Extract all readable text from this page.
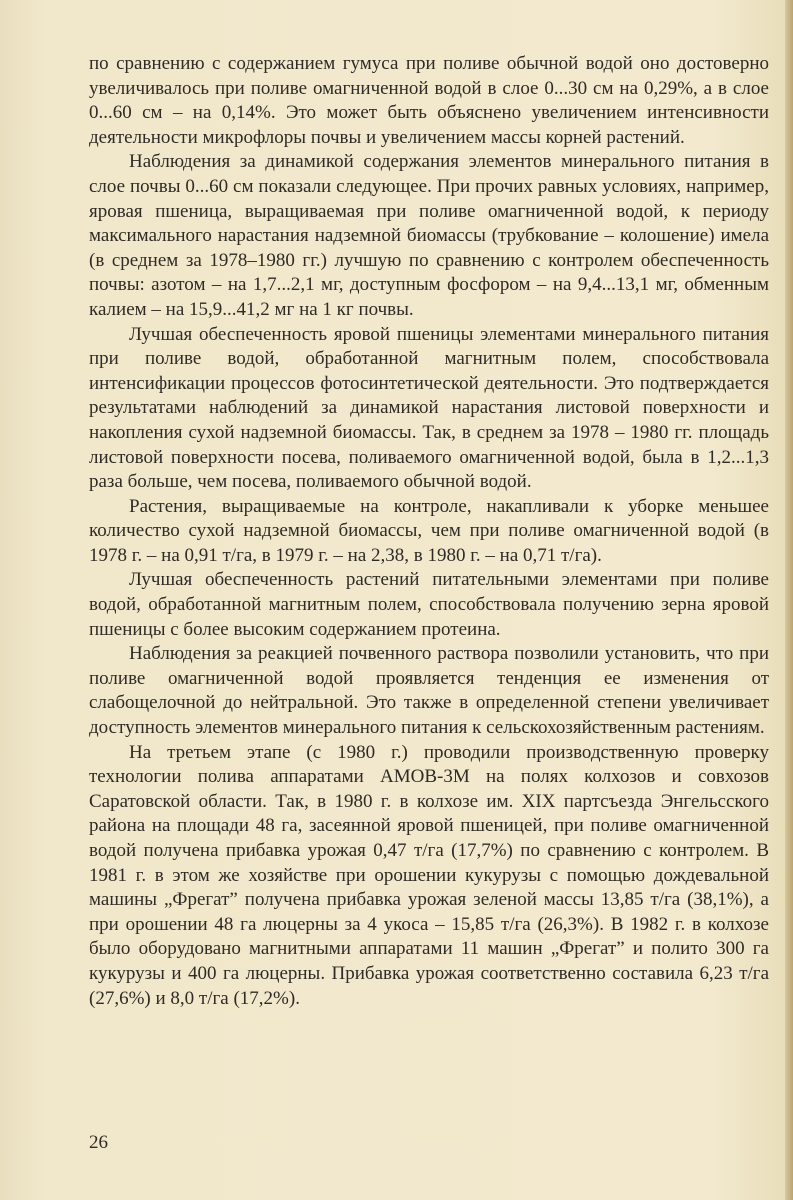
по сравнению с содержанием гумуса при поливе обычной водой оно достоверно увеличивалось при поливе омагниченной водой в слое 0...30 см на 0,29%, а в слое 0...60 см – на 0,14%. Это может быть объяснено увеличением интенсивности деятельности микрофлоры почвы и увеличением массы корней растений.

Наблюдения за динамикой содержания элементов минерального питания в слое почвы 0...60 см показали следующее. При прочих равных условиях, например, яровая пшеница, выращиваемая при поливе омагниченной водой, к периоду максимального нарастания надземной биомассы (трубкование – колошение) имела (в среднем за 1978–1980 гг.) лучшую по сравнению с контролем обеспеченность почвы: азотом – на 1,7...2,1 мг, доступным фосфором – на 9,4...13,1 мг, обменным калием – на 15,9...41,2 мг на 1 кг почвы.

Лучшая обеспеченность яровой пшеницы элементами минерального питания при поливе водой, обработанной магнитным полем, способствовала интенсификации процессов фотосинтетической деятельности. Это подтверждается результатами наблюдений за динамикой нарастания листовой поверхности и накопления сухой надземной биомассы. Так, в среднем за 1978 – 1980 гг. площадь листовой поверхности посева, поливаемого омагниченной водой, была в 1,2...1,3 раза больше, чем посева, поливаемого обычной водой.

Растения, выращиваемые на контроле, накапливали к уборке меньшее количество сухой надземной биомассы, чем при поливе омагниченной водой (в 1978 г. – на 0,91 т/га, в 1979 г. – на 2,38, в 1980 г. – на 0,71 т/га).

Лучшая обеспеченность растений питательными элементами при поливе водой, обработанной магнитным полем, способствовала получению зерна яровой пшеницы с более высоким содержанием протеина.

Наблюдения за реакцией почвенного раствора позволили установить, что при поливе омагниченной водой проявляется тенденция ее изменения от слабощелочной до нейтральной. Это также в определенной степени увеличивает доступность элементов минерального питания к сельскохозяйственным растениям.

На третьем этапе (с 1980 г.) проводили производственную проверку технологии полива аппаратами АМОВ-3М на полях колхозов и совхозов Саратовской области. Так, в 1980 г. в колхозе им. XIX партсъезда Энгельсского района на площади 48 га, засеянной яровой пшеницей, при поливе омагниченной водой получена прибавка урожая 0,47 т/га (17,7%) по сравнению с контролем. В 1981 г. в этом же хозяйстве при орошении кукурузы с помощью дождевальной машины „Фрегат” получена прибавка урожая зеленой массы 13,85 т/га (38,1%), а при орошении 48 га люцерны за 4 укоса – 15,85 т/га (26,3%). В 1982 г. в колхозе было оборудовано магнитными аппаратами 11 машин „Фрегат” и полито 300 га кукурузы и 400 га люцерны. Прибавка урожая соответственно составила 6,23 т/га (27,6%) и 8,0 т/га (17,2%).

26
